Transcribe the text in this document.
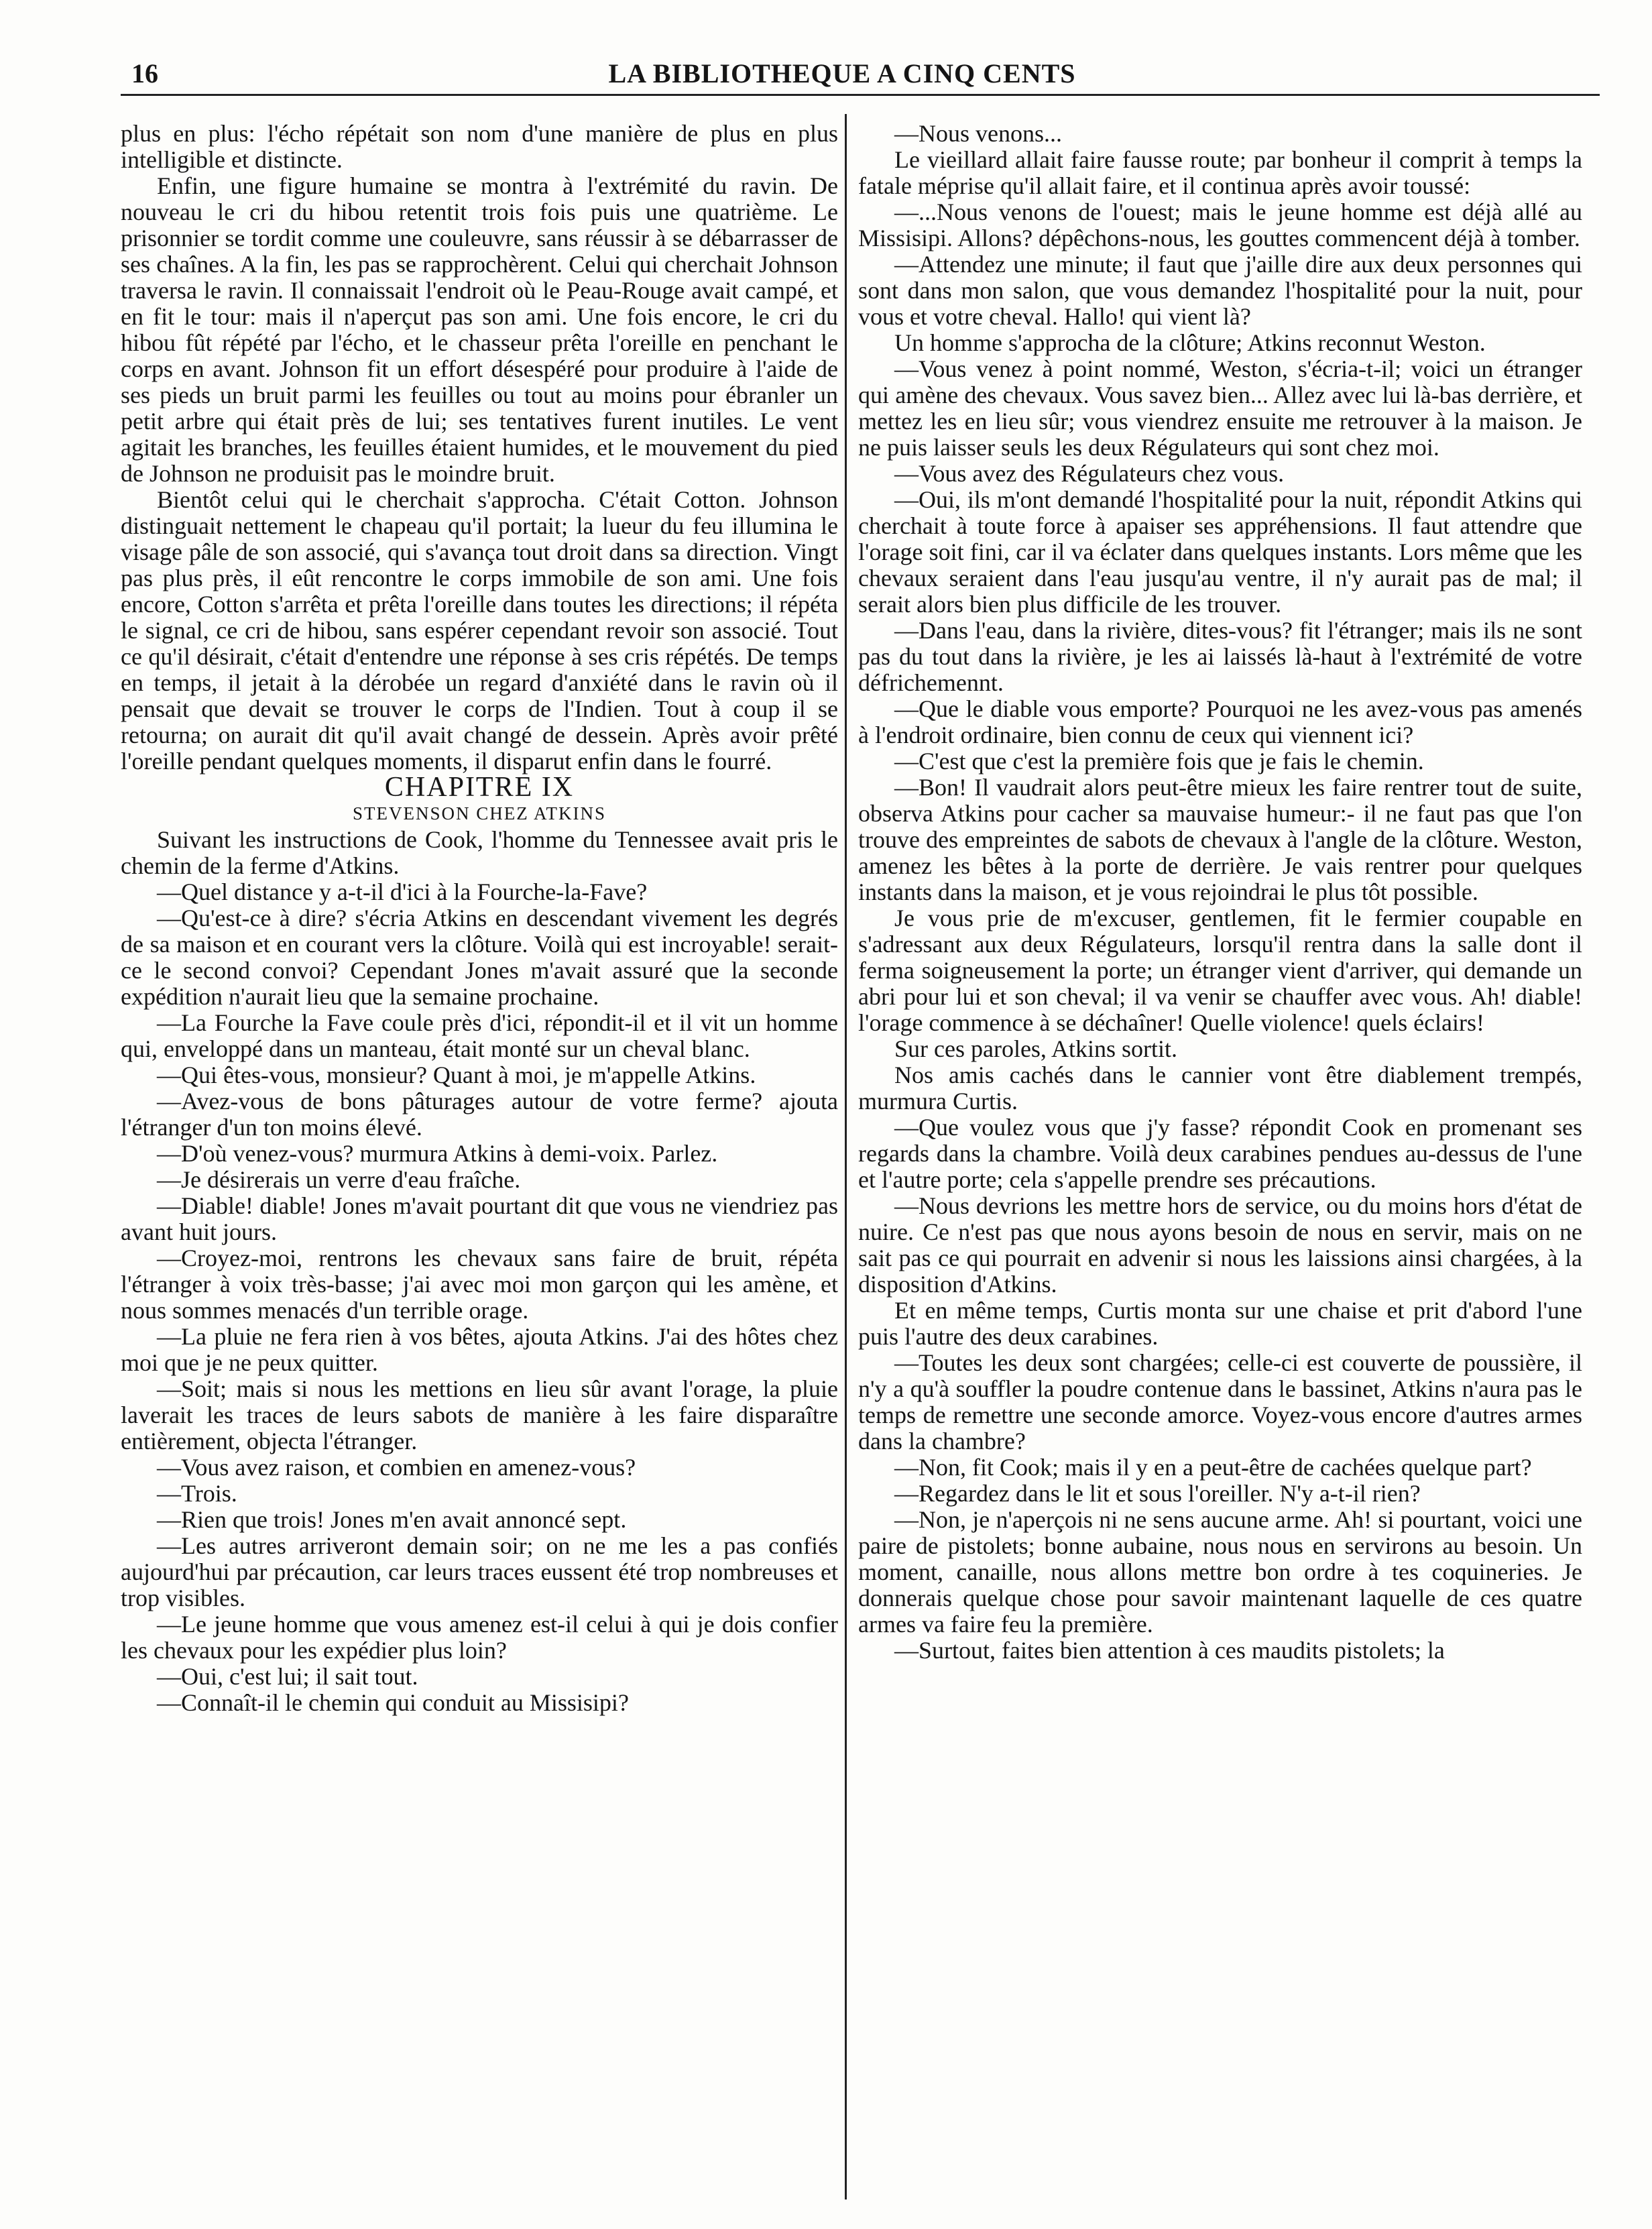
16	LA BIBLIOTHEQUE A CINQ CENTS

plus en plus: l'écho répétait son nom d'une manière de plus en plus intelligible et distincte.

Enfin, une figure humaine se montra à l'extrémité du ravin. De nouveau le cri du hibou retentit trois fois puis une quatrième. Le prisonnier se tordit comme une couleuvre, sans réussir à se débarrasser de ses chaînes. A la fin, les pas se rapprochèrent. Celui qui cherchait Johnson traversa le ravin. Il connaissait l'endroit où le Peau-Rouge avait campé, et en fit le tour: mais il n'aperçut pas son ami. Une fois encore, le cri du hibou fût répété par l'écho, et le chasseur prêta l'oreille en penchant le corps en avant. Johnson fit un effort désespéré pour produire à l'aide de ses pieds un bruit parmi les feuilles ou tout au moins pour ébranler un petit arbre qui était près de lui; ses tentatives furent inutiles. Le vent agitait les branches, les feuilles étaient humides, et le mouvement du pied de Johnson ne produisit pas le moindre bruit.

Bientôt celui qui le cherchait s'approcha. C'était Cotton. Johnson distinguait nettement le chapeau qu'il portait; la lueur du feu illumina le visage pâle de son associé, qui s'avança tout droit dans sa direction. Vingt pas plus près, il eût rencontre le corps immobile de son ami. Une fois encore, Cotton s'arrêta et prêta l'oreille dans toutes les directions; il répéta le signal, ce cri de hibou, sans espérer cependant revoir son associé. Tout ce qu'il désirait, c'était d'entendre une réponse à ses cris répétés. De temps en temps, il jetait à la dérobée un regard d'anxiété dans le ravin où il pensait que devait se trouver le corps de l'Indien. Tout à coup il se retourna; on aurait dit qu'il avait changé de dessein. Après avoir prêté l'oreille pendant quelques moments, il disparut enfin dans le fourré.

CHAPITRE IX

STEVENSON CHEZ ATKINS

Suivant les instructions de Cook, l'homme du Tennessee avait pris le chemin de la ferme d'Atkins.

—Quel distance y a-t-il d'ici à la Fourche-la-Fave?

—Qu'est-ce à dire? s'écria Atkins en descendant vivement les degrés de sa maison et en courant vers la clôture. Voilà qui est incroyable! serait-ce le second convoi? Cependant Jones m'avait assuré que la seconde expédition n'aurait lieu que la semaine prochaine.

—La Fourche la Fave coule près d'ici, répondit-il et il vit un homme qui, enveloppé dans un manteau, était monté sur un cheval blanc.

—Qui êtes-vous, monsieur? Quant à moi, je m'appelle Atkins.

—Avez-vous de bons pâturages autour de votre ferme? ajouta l'étranger d'un ton moins élevé.

—D'où venez-vous? murmura Atkins à demi-voix. Parlez.

—Je désirerais un verre d'eau fraîche.

—Diable! diable! Jones m'avait pourtant dit que vous ne viendriez pas avant huit jours.

—Croyez-moi, rentrons les chevaux sans faire de bruit, répéta l'étranger à voix très-basse; j'ai avec moi mon garçon qui les amène, et nous sommes menacés d'un terrible orage.

—La pluie ne fera rien à vos bêtes, ajouta Atkins. J'ai des hôtes chez moi que je ne peux quitter.

—Soit; mais si nous les mettions en lieu sûr avant l'orage, la pluie laverait les traces de leurs sabots de manière à les faire disparaître entièrement, objecta l'étranger.

—Vous avez raison, et combien en amenez-vous?

—Trois.

—Rien que trois! Jones m'en avait annoncé sept.

—Les autres arriveront demain soir; on ne me les a pas confiés aujourd'hui par précaution, car leurs traces eussent été trop nombreuses et trop visibles.

—Le jeune homme que vous amenez est-il celui à qui je dois confier les chevaux pour les expédier plus loin?

—Oui, c'est lui; il sait tout.

—Connaît-il le chemin qui conduit au Missisipi?

—Nous venons...

Le vieillard allait faire fausse route; par bonheur il comprit à temps la fatale méprise qu'il allait faire, et il continua après avoir toussé:

—...Nous venons de l'ouest; mais le jeune homme est déjà allé au Missisipi. Allons? dépêchons-nous, les gouttes commencent déjà à tomber.

—Attendez une minute; il faut que j'aille dire aux deux personnes qui sont dans mon salon, que vous demandez l'hospitalité pour la nuit, pour vous et votre cheval. Hallo! qui vient là?

Un homme s'approcha de la clôture; Atkins reconnut Weston.

—Vous venez à point nommé, Weston, s'écria-t-il; voici un étranger qui amène des chevaux. Vous savez bien... Allez avec lui là-bas derrière, et mettez les en lieu sûr; vous viendrez ensuite me retrouver à la maison. Je ne puis laisser seuls les deux Régulateurs qui sont chez moi.

—Vous avez des Régulateurs chez vous.

—Oui, ils m'ont demandé l'hospitalité pour la nuit, répondit Atkins qui cherchait à toute force à apaiser ses appréhensions. Il faut attendre que l'orage soit fini, car il va éclater dans quelques instants. Lors même que les chevaux seraient dans l'eau jusqu'au ventre, il n'y aurait pas de mal; il serait alors bien plus difficile de les trouver.

—Dans l'eau, dans la rivière, dites-vous? fit l'étranger; mais ils ne sont pas du tout dans la rivière, je les ai laissés là-haut à l'extrémité de votre défrichemennt.

—Que le diable vous emporte? Pourquoi ne les avez-vous pas amenés à l'endroit ordinaire, bien connu de ceux qui viennent ici?

—C'est que c'est la première fois que je fais le chemin.

—Bon! Il vaudrait alors peut-être mieux les faire rentrer tout de suite, observa Atkins pour cacher sa mauvaise humeur:- il ne faut pas que l'on trouve des empreintes de sabots de chevaux à l'angle de la clôture. Weston, amenez les bêtes à la porte de derrière. Je vais rentrer pour quelques instants dans la maison, et je vous rejoindrai le plus tôt possible.

Je vous prie de m'excuser, gentlemen, fit le fermier coupable en s'adressant aux deux Régulateurs, lorsqu'il rentra dans la salle dont il ferma soigneusement la porte; un étranger vient d'arriver, qui demande un abri pour lui et son cheval; il va venir se chauffer avec vous. Ah! diable! l'orage commence à se déchaîner! Quelle violence! quels éclairs!

Sur ces paroles, Atkins sortit.

Nos amis cachés dans le cannier vont être diablement trempés, murmura Curtis.

—Que voulez vous que j'y fasse? répondit Cook en promenant ses regards dans la chambre. Voilà deux carabines pendues au-dessus de l'une et l'autre porte; cela s'appelle prendre ses précautions.

—Nous devrions les mettre hors de service, ou du moins hors d'état de nuire. Ce n'est pas que nous ayons besoin de nous en servir, mais on ne sait pas ce qui pourrait en advenir si nous les laissions ainsi chargées, à la disposition d'Atkins.

Et en même temps, Curtis monta sur une chaise et prit d'abord l'une puis l'autre des deux carabines.

—Toutes les deux sont chargées; celle-ci est couverte de poussière, il n'y a qu'à souffler la poudre contenue dans le bassinet, Atkins n'aura pas le temps de remettre une seconde amorce. Voyez-vous encore d'autres armes dans la chambre?

—Non, fit Cook; mais il y en a peut-être de cachées quelque part?

—Regardez dans le lit et sous l'oreiller. N'y a-t-il rien?

—Non, je n'aperçois ni ne sens aucune arme. Ah! si pourtant, voici une paire de pistolets; bonne aubaine, nous nous en servirons au besoin. Un moment, canaille, nous allons mettre bon ordre à tes coquineries. Je donnerais quelque chose pour savoir maintenant laquelle de ces quatre armes va faire feu la première.

—Surtout, faites bien attention à ces maudits pistolets; la
